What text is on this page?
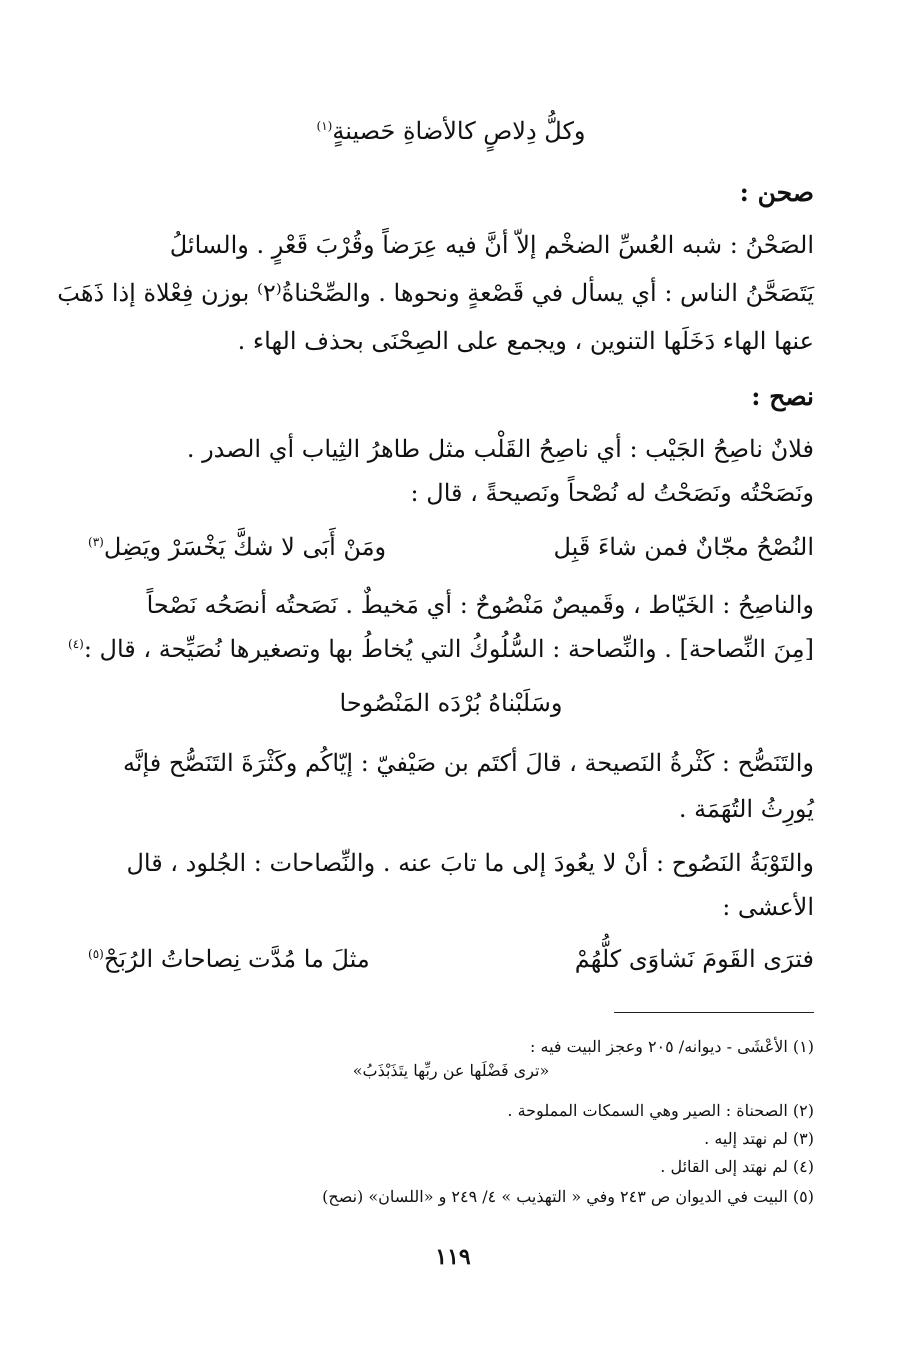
وكلُّ دِلاصٍ كالأضاةِ حَصينةٍ$^{(١)}$
صحن :
الصَحْنُ : شبه العُسِّ الضخْم إلاّ أنَّ فيه عِرَضاً وقُرْبَ قَعْرٍ . والسائلُ
يَتَصَحَّنُ الناس : أي يسأل في قَصْعةٍ ونحوها . والصِّحْناةُ⁽٢⁾ بوزن فِعْلاة إذا ذَهَبَ
عنها الهاء دَخَلَها التنوين ، ويجمع على الصِحْنَى بحذف الهاء .
نصح :
فلانٌ ناصِحُ الجَيْب : أي ناصِحُ القَلْب مثل طاهرُ الثِياب أي الصدر .
ونَصَحْتُه ونَصَحْتُ له نُصْحاً ونَصيحةً ، قال :
النُصْحُ مجّانٌ فمن شاءَ قَبِل
ومَنْ أَبَى لا شكَّ يَخْسَرْ ويَضِل$^{(٣)}$
والناصِحُ : الخَيّاط ، وقَميصٌ مَنْصُوحٌ : أي مَخيطٌ . نَصَحتُه أنصَحُه نَصْحاً
[مِنَ النِّصاحة] . والنِّصاحة : السُّلُوكُ التي يُخاطُ بها وتصغيرها نُصَيِّحة ، قال :$^{(٤)}$
وسَلَبْناهُ بُرْدَه المَنْصُوحا
والتَنَصُّح : كَثْرةُ النَصيحة ، قالَ أكتَم بن صَيْفيّ : إيّاكُم وكَثْرَةَ التَنَصُّح فإنَّه
يُورِثُ التُهَمَة .
والتَوْبَةُ النَصُوح : أنْ لا يعُودَ إلى ما تابَ عنه . والنِّصاحات : الجُلود ، قال
الأعشى :
فترَى القَومَ نَشاوَى كلُّهُمْ
مثلَ ما مُدَّت نِصاحاتُ الرُبَحْ$^{(٥)}$
(١) الأعْشَى - ديوانه/ ٢٠٥ وعجز البيت فيه :
«ترى فَضْلَها عن ربِّها يتَذَبْذَبُ»
(٢) الصحناة : الصير وهي السمكات المملوحة .
(٣) لم نهتد إليه .
(٤) لم نهتد إلى القائل .
(٥) البيت في الديوان ص ٢٤٣ وفي « التهذيب » ٤/ ٢٤٩ و «اللسان» (نصح)
١١٩
